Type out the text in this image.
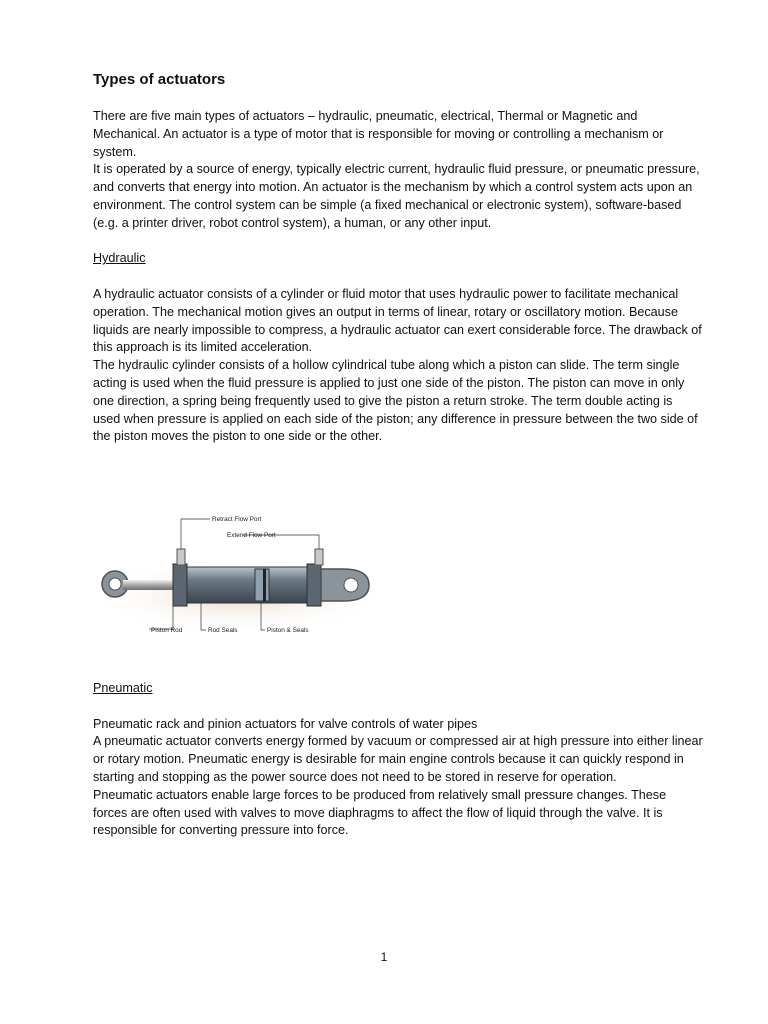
Types of actuators

There are five main types of actuators – hydraulic, pneumatic, electrical, Thermal or Magnetic and Mechanical. An actuator is a type of motor that is responsible for moving or controlling a mechanism or system.

It is operated by a source of energy, typically electric current, hydraulic fluid pressure, or pneumatic pressure, and converts that energy into motion. An actuator is the mechanism by which a control system acts upon an environment. The control system can be simple (a fixed mechanical or electronic system), software-based (e.g. a printer driver, robot control system), a human, or any other input.

Hydraulic

A hydraulic actuator consists of a cylinder or fluid motor that uses hydraulic power to facilitate mechanical operation. The mechanical motion gives an output in terms of linear, rotary or oscillatory motion. Because liquids are nearly impossible to compress, a hydraulic actuator can exert considerable force. The drawback of this approach is its limited acceleration.

The hydraulic cylinder consists of a hollow cylindrical tube along which a piston can slide. The term single acting is used when the fluid pressure is applied to just one side of the piston. The piston can move in only one direction, a spring being frequently used to give the piston a return stroke. The term double acting is used when pressure is applied on each side of the piston; any difference in pressure between the two side of the piston moves the piston to one side or the other.

Retract Flow Port
Extend Flow Port
Piston Rod	Rod Seals	Piston & Seals

Pneumatic

Pneumatic rack and pinion actuators for valve controls of water pipes

A pneumatic actuator converts energy formed by vacuum or compressed air at high pressure into either linear or rotary motion. Pneumatic energy is desirable for main engine controls because it can quickly respond in starting and stopping as the power source does not need to be stored in reserve for operation.

Pneumatic actuators enable large forces to be produced from relatively small pressure changes. These forces are often used with valves to move diaphragms to affect the flow of liquid through the valve. It is responsible for converting pressure into force.

1
